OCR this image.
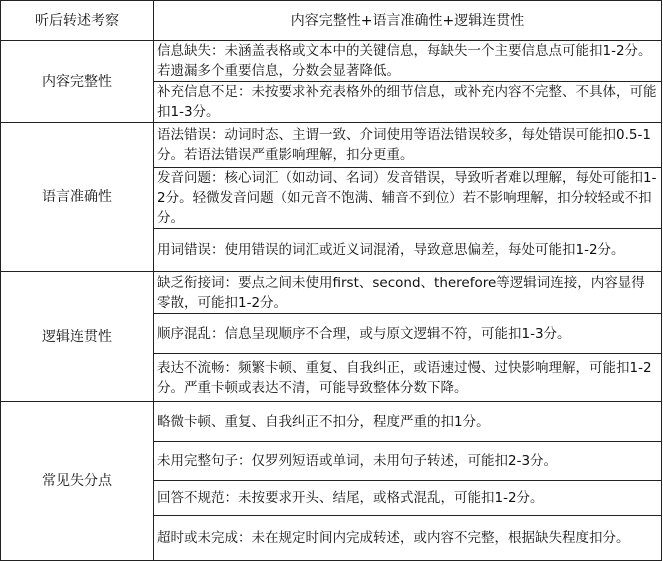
听后转述考察	内容完整性+语言准确性+逻辑连贯性
内容完整性	信息缺失：未涵盖表格或文本中的关键信息，每缺失一个主要信息点可能扣1-2分。若遗漏多个重要信息，分数会显著降低。
	补充信息不足：未按要求补充表格外的细节信息，或补充内容不完整、不具体，可能扣1-3分。
语言准确性	语法错误：动词时态、主谓一致、介词使用等语法错误较多，每处错误可能扣0.5-1分。若语法错误严重影响理解，扣分更重。
	发音问题：核心词汇（如动词、名词）发音错误，导致听者难以理解，每处可能扣1-2分。轻微发音问题（如元音不饱满、辅音不到位）若不影响理解，扣分较轻或不扣分。
	用词错误：使用错误的词汇或近义词混淆，导致意思偏差，每处可能扣1-2分。
逻辑连贯性	缺乏衔接词：要点之间未使用first、second、therefore等逻辑词连接，内容显得零散，可能扣1-2分。
	顺序混乱：信息呈现顺序不合理，或与原文逻辑不符，可能扣1-3分。
	表达不流畅：频繁卡顿、重复、自我纠正，或语速过慢、过快影响理解，可能扣1-2分。严重卡顿或表达不清，可能导致整体分数下降。
常见失分点	略微卡顿、重复、自我纠正不扣分，程度严重的扣1分。
	未用完整句子：仅罗列短语或单词，未用句子转述，可能扣2-3分。
	回答不规范：未按要求开头、结尾，或格式混乱，可能扣1-2分。
	超时或未完成：未在规定时间内完成转述，或内容不完整，根据缺失程度扣分。
